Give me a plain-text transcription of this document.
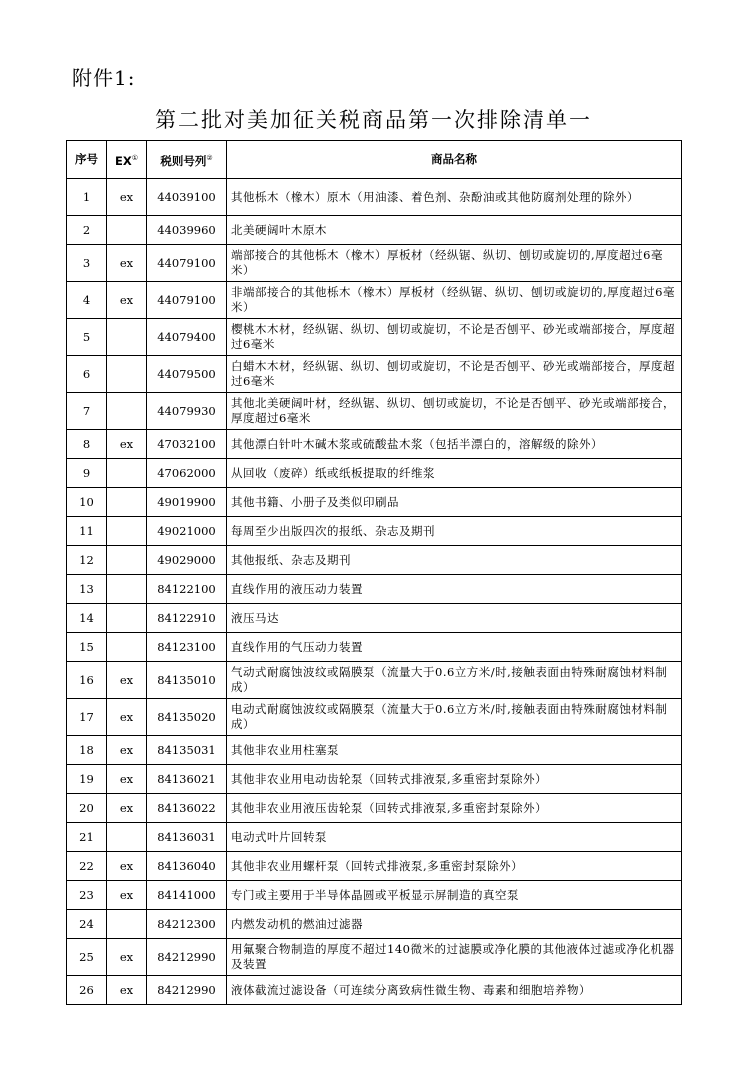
附件1:
第二批对美加征关税商品第一次排除清单一
序号	EX①	税则号列②	商品名称
1	ex	44039100	其他栎木（橡木）原木（用油漆、着色剂、杂酚油或其他防腐剂处理的除外）
2		44039960	北美硬阔叶木原木
3	ex	44079100	端部接合的其他栎木（橡木）厚板材（经纵锯、纵切、刨切或旋切的,厚度超过6毫米）
4	ex	44079100	非端部接合的其他栎木（橡木）厚板材（经纵锯、纵切、刨切或旋切的,厚度超过6毫米）
5		44079400	樱桃木木材，经纵锯、纵切、刨切或旋切，不论是否刨平、砂光或端部接合，厚度超过6毫米
6		44079500	白蜡木木材，经纵锯、纵切、刨切或旋切，不论是否刨平、砂光或端部接合，厚度超过6毫米
7		44079930	其他北美硬阔叶材，经纵锯、纵切、刨切或旋切，不论是否刨平、砂光或端部接合，厚度超过6毫米
8	ex	47032100	其他漂白针叶木碱木浆或硫酸盐木浆（包括半漂白的，溶解级的除外）
9		47062000	从回收（废碎）纸或纸板提取的纤维浆
10		49019900	其他书籍、小册子及类似印刷品
11		49021000	每周至少出版四次的报纸、杂志及期刊
12		49029000	其他报纸、杂志及期刊
13		84122100	直线作用的液压动力装置
14		84122910	液压马达
15		84123100	直线作用的气压动力装置
16	ex	84135010	气动式耐腐蚀波纹或隔膜泵（流量大于0.6立方米/时,接触表面由特殊耐腐蚀材料制成）
17	ex	84135020	电动式耐腐蚀波纹或隔膜泵（流量大于0.6立方米/时,接触表面由特殊耐腐蚀材料制成）
18	ex	84135031	其他非农业用柱塞泵
19	ex	84136021	其他非农业用电动齿轮泵（回转式排液泵,多重密封泵除外）
20	ex	84136022	其他非农业用液压齿轮泵（回转式排液泵,多重密封泵除外）
21		84136031	电动式叶片回转泵
22	ex	84136040	其他非农业用螺杆泵（回转式排液泵,多重密封泵除外）
23	ex	84141000	专门或主要用于半导体晶圆或平板显示屏制造的真空泵
24		84212300	内燃发动机的燃油过滤器
25	ex	84212990	用氟聚合物制造的厚度不超过140微米的过滤膜或净化膜的其他液体过滤或净化机器及装置
26	ex	84212990	液体截流过滤设备（可连续分离致病性微生物、毒素和细胞培养物）
